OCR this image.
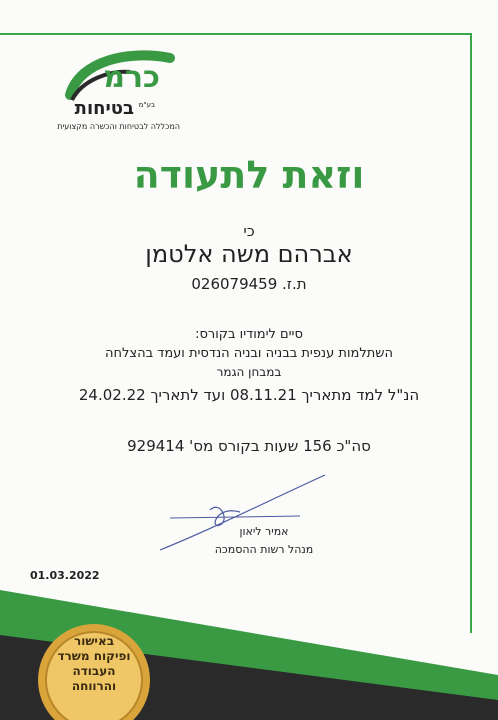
כרמ
בטיחות בע"מ
המכללה לבטיחות והכשרה מקצועית
וזאת לתעודה
כי
אברהם משה אלטמן
ת.ז. 026079459
סיים לימודיו בקורס:
השתלמות ענפית בבניה ובניה הנדסית ועמד בהצלחה
במבחן הגמר
הנ"ל למד מתאריך 08.11.21 ועד לתאריך 24.02.22
סה"כ 156 שעות בקורס מס' 929414
אמיר ליאון
מנהל רשות ההסמכה
01.03.2022
באישור
ופיקוח משרד
העבודה
והרווחה
